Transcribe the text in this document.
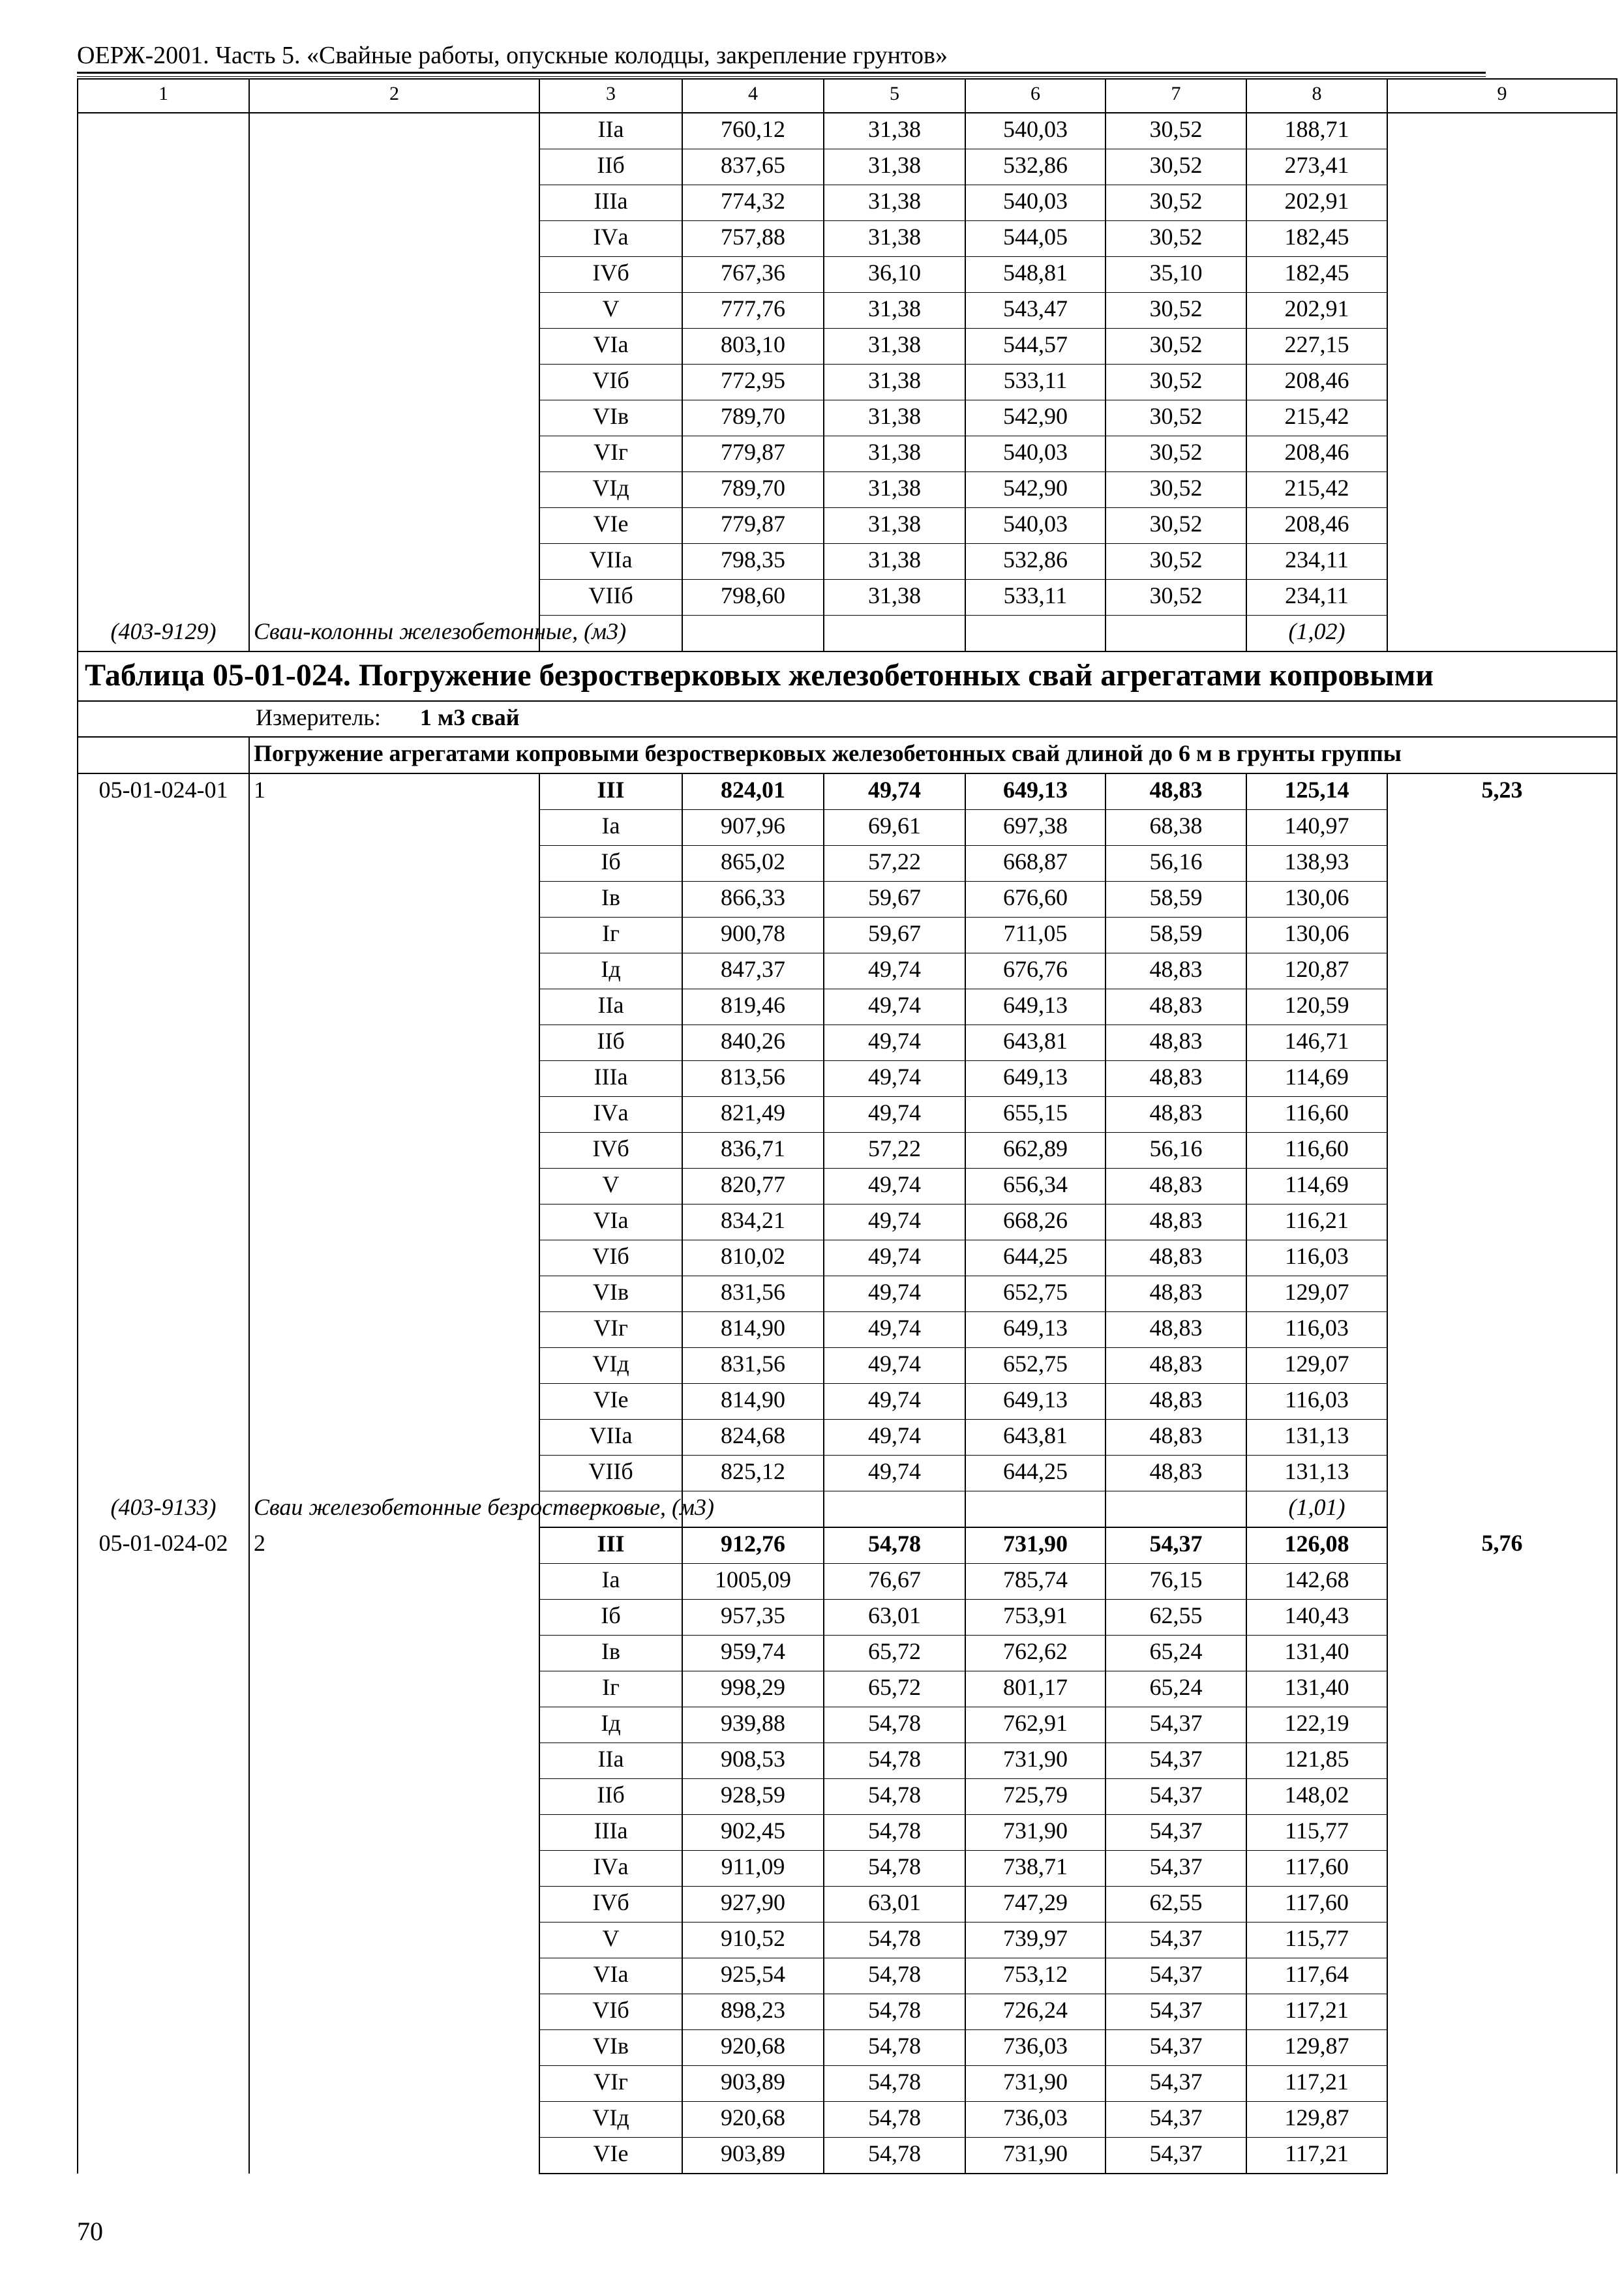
ОЕРЖ-2001. Часть 5. «Свайные работы, опускные колодцы, закрепление грунтов»
1	2	3	4	5	6	7	8	9
		IIа	760,12	31,38	540,03	30,52	188,71	
		IIб	837,65	31,38	532,86	30,52	273,41	
		IIIа	774,32	31,38	540,03	30,52	202,91	
		IVа	757,88	31,38	544,05	30,52	182,45	
		IVб	767,36	36,10	548,81	35,10	182,45	
		V	777,76	31,38	543,47	30,52	202,91	
		VIа	803,10	31,38	544,57	30,52	227,15	
		VIб	772,95	31,38	533,11	30,52	208,46	
		VIв	789,70	31,38	542,90	30,52	215,42	
		VIг	779,87	31,38	540,03	30,52	208,46	
		VIд	789,70	31,38	542,90	30,52	215,42	
		VIе	779,87	31,38	540,03	30,52	208,46	
		VIIа	798,35	31,38	532,86	30,52	234,11	
		VIIб	798,60	31,38	533,11	30,52	234,11	
(403-9129)	Сваи-колонны железобетонные, (м3)						(1,02)	
Таблица 05-01-024. Погружение безростверковых железобетонных свай агрегатами копровыми								
	Измеритель: 1 м3 свай							
	Погружение агрегатами копровыми безростверковых железобетонных свай длиной до 6 м в грунты группы							
05-01-024-01	1	III	824,01	49,74	649,13	48,83	125,14	5,23
		Iа	907,96	69,61	697,38	68,38	140,97	
		Iб	865,02	57,22	668,87	56,16	138,93	
		Iв	866,33	59,67	676,60	58,59	130,06	
		Iг	900,78	59,67	711,05	58,59	130,06	
		Iд	847,37	49,74	676,76	48,83	120,87	
		IIа	819,46	49,74	649,13	48,83	120,59	
		IIб	840,26	49,74	643,81	48,83	146,71	
		IIIа	813,56	49,74	649,13	48,83	114,69	
		IVа	821,49	49,74	655,15	48,83	116,60	
		IVб	836,71	57,22	662,89	56,16	116,60	
		V	820,77	49,74	656,34	48,83	114,69	
		VIа	834,21	49,74	668,26	48,83	116,21	
		VIб	810,02	49,74	644,25	48,83	116,03	
		VIв	831,56	49,74	652,75	48,83	129,07	
		VIг	814,90	49,74	649,13	48,83	116,03	
		VIд	831,56	49,74	652,75	48,83	129,07	
		VIе	814,90	49,74	649,13	48,83	116,03	
		VIIа	824,68	49,74	643,81	48,83	131,13	
		VIIб	825,12	49,74	644,25	48,83	131,13	
(403-9133)	Сваи железобетонные безростверковые, (м3)						(1,01)	
05-01-024-02	2	III	912,76	54,78	731,90	54,37	126,08	5,76
		Iа	1005,09	76,67	785,74	76,15	142,68	
		Iб	957,35	63,01	753,91	62,55	140,43	
		Iв	959,74	65,72	762,62	65,24	131,40	
		Iг	998,29	65,72	801,17	65,24	131,40	
		Iд	939,88	54,78	762,91	54,37	122,19	
		IIа	908,53	54,78	731,90	54,37	121,85	
		IIб	928,59	54,78	725,79	54,37	148,02	
		IIIа	902,45	54,78	731,90	54,37	115,77	
		IVа	911,09	54,78	738,71	54,37	117,60	
		IVб	927,90	63,01	747,29	62,55	117,60	
		V	910,52	54,78	739,97	54,37	115,77	
		VIа	925,54	54,78	753,12	54,37	117,64	
		VIб	898,23	54,78	726,24	54,37	117,21	
		VIв	920,68	54,78	736,03	54,37	129,87	
		VIг	903,89	54,78	731,90	54,37	117,21	
		VIд	920,68	54,78	736,03	54,37	129,87	
		VIе	903,89	54,78	731,90	54,37	117,21	
70
